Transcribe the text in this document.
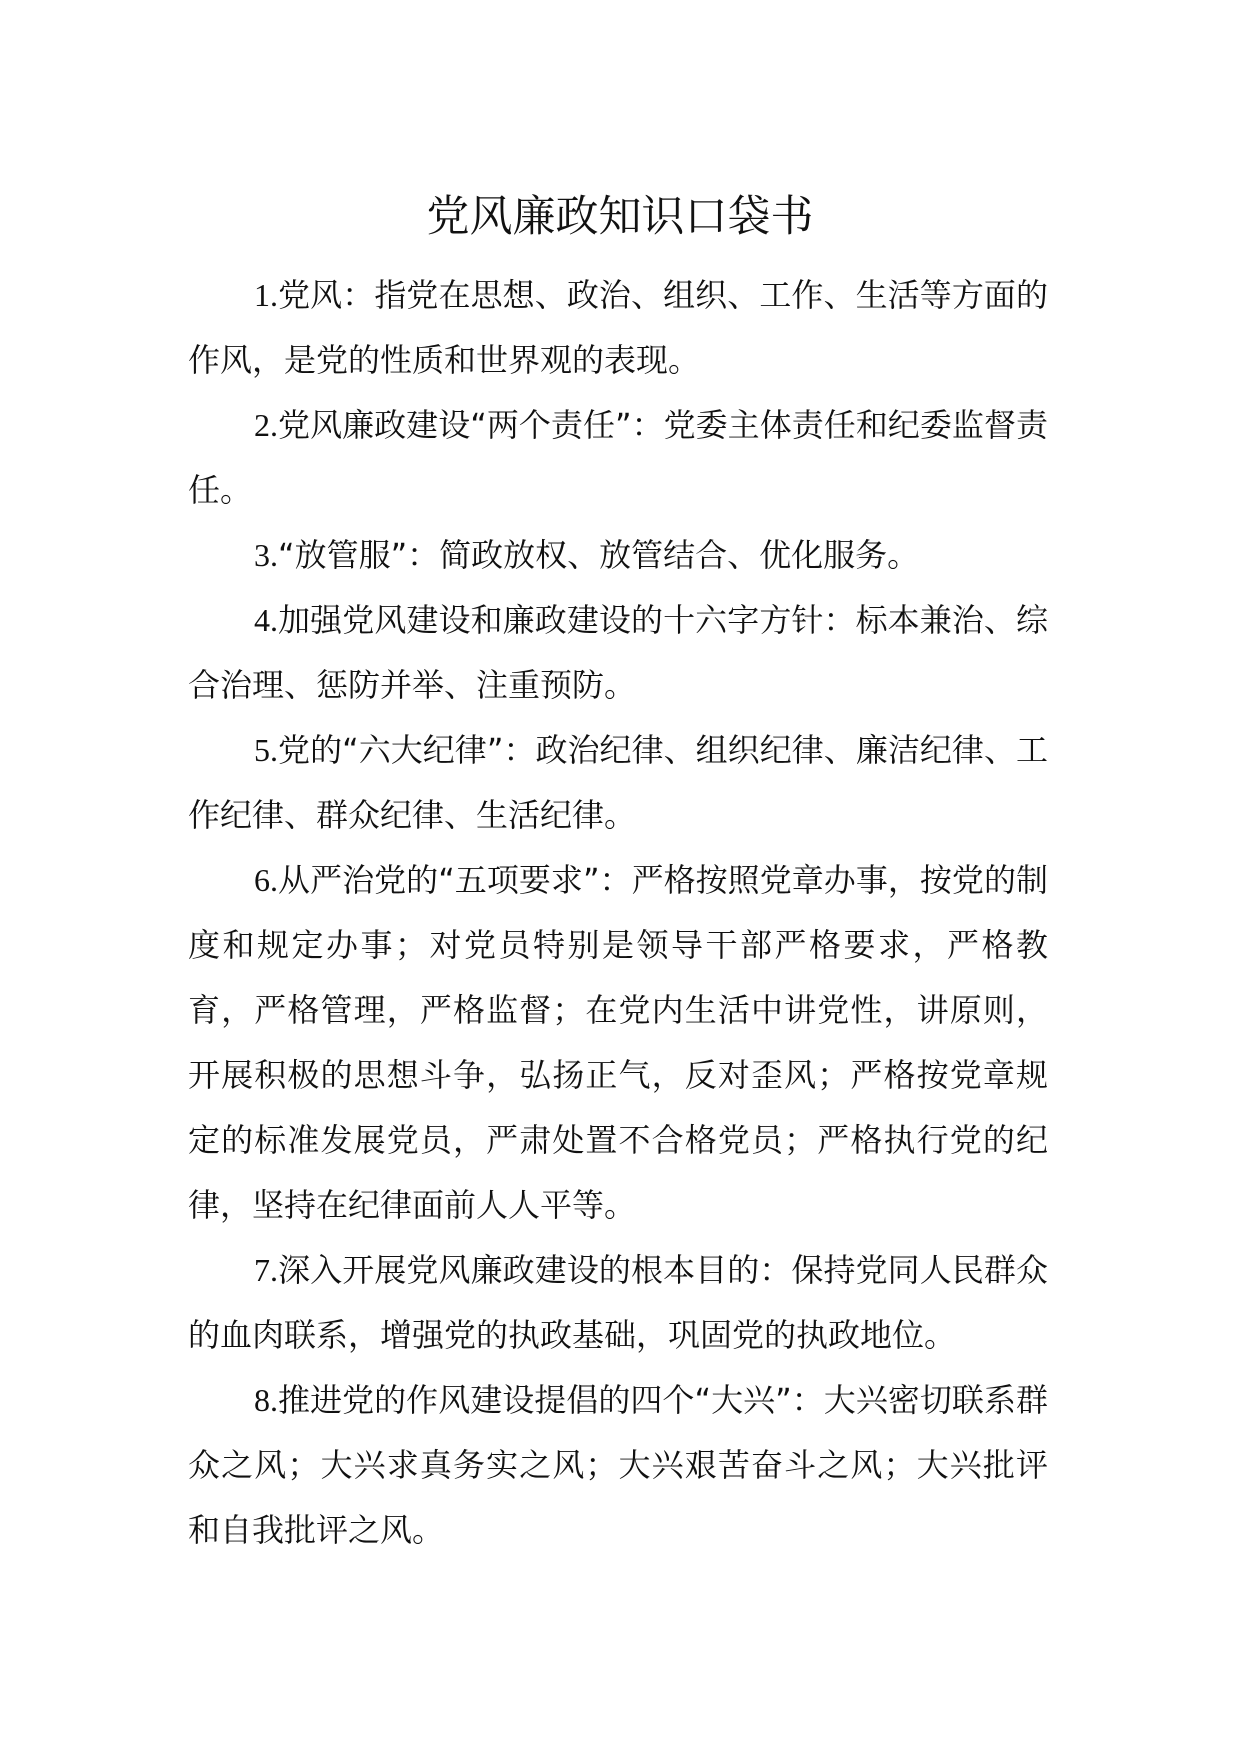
党风廉政知识口袋书

1.党风：指党在思想、政治、组织、工作、生活等方面的作风，是党的性质和世界观的表现。

2.党风廉政建设“两个责任”：党委主体责任和纪委监督责任。

3.“放管服”：简政放权、放管结合、优化服务。

4.加强党风建设和廉政建设的十六字方针：标本兼治、综合治理、惩防并举、注重预防。

5.党的“六大纪律”：政治纪律、组织纪律、廉洁纪律、工作纪律、群众纪律、生活纪律。

6.从严治党的“五项要求”：严格按照党章办事，按党的制度和规定办事；对党员特别是领导干部严格要求，严格教育，严格管理，严格监督；在党内生活中讲党性，讲原则，开展积极的思想斗争，弘扬正气，反对歪风；严格按党章规定的标准发展党员，严肃处置不合格党员；严格执行党的纪律，坚持在纪律面前人人平等。

7.深入开展党风廉政建设的根本目的：保持党同人民群众的血肉联系，增强党的执政基础，巩固党的执政地位。

8.推进党的作风建设提倡的四个“大兴”：大兴密切联系群众之风；大兴求真务实之风；大兴艰苦奋斗之风；大兴批评和自我批评之风。
